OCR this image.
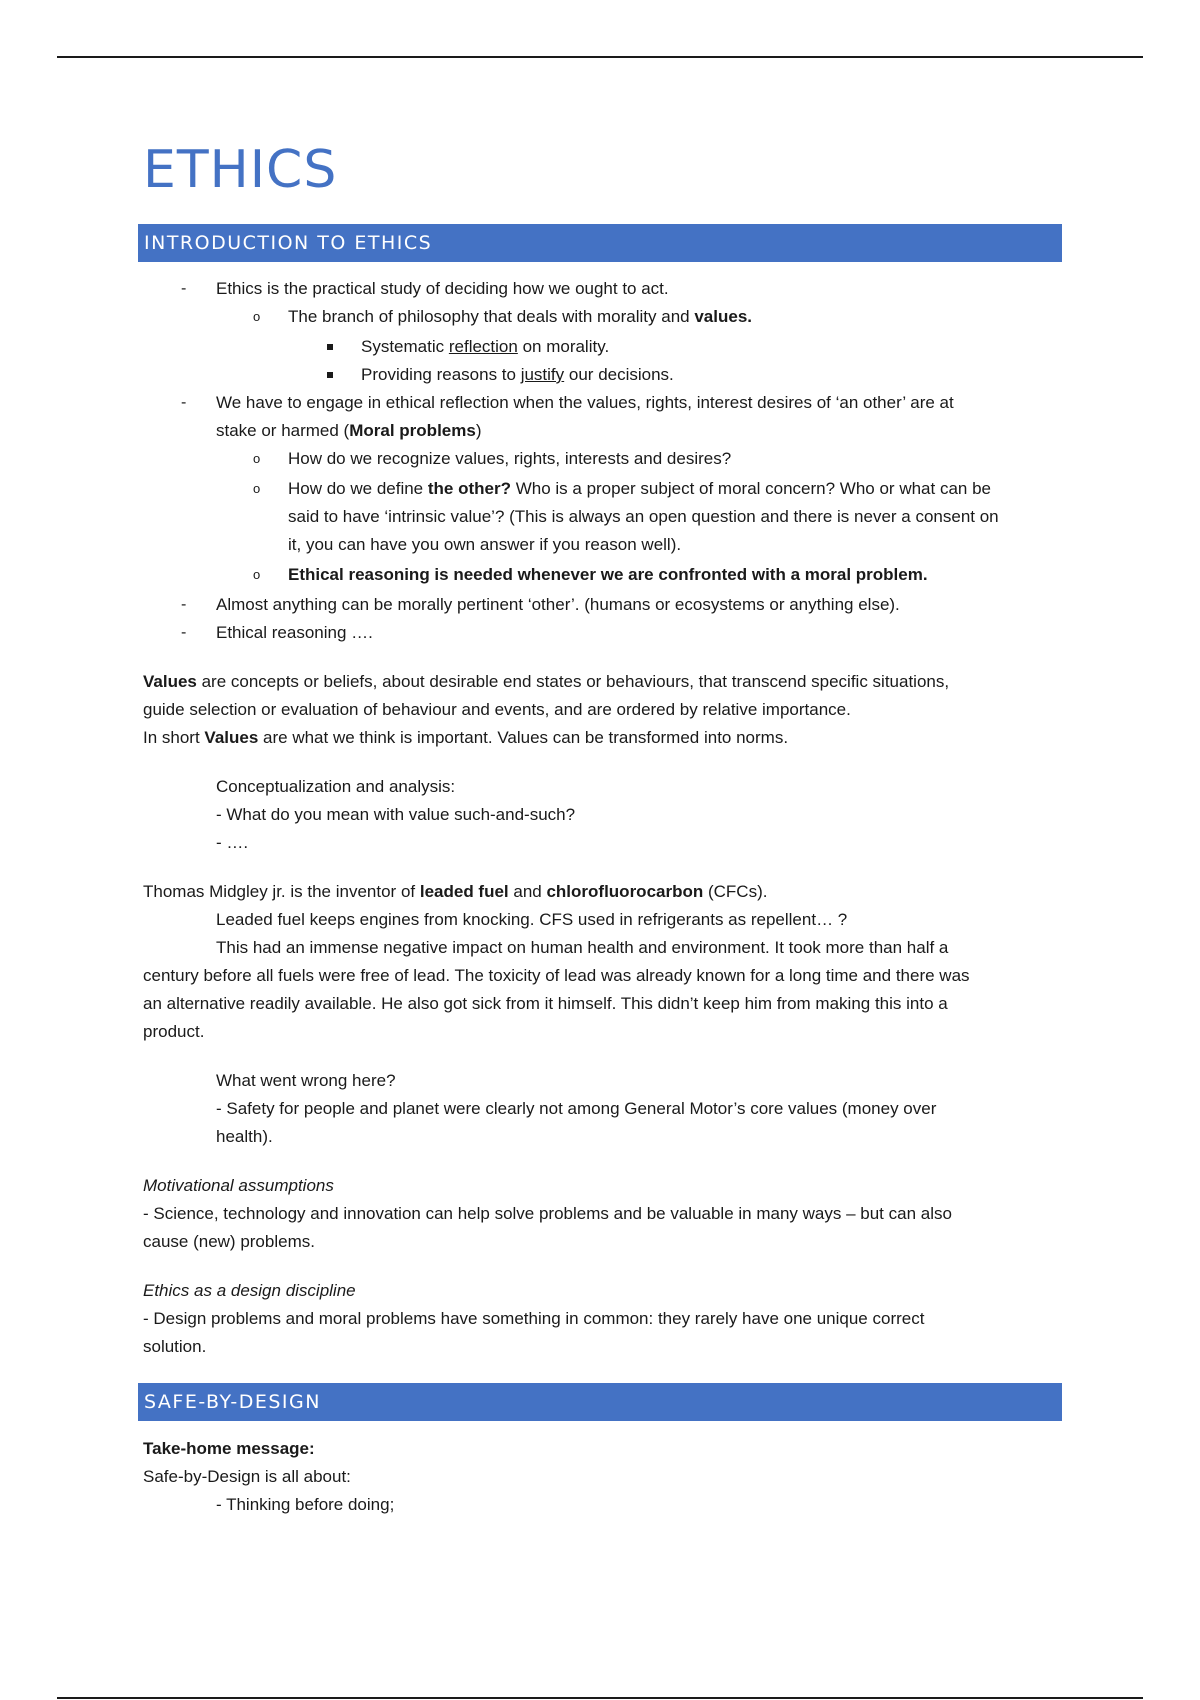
ETHICS
INTRODUCTION TO ETHICS
- Ethics is the practical study of deciding how we ought to act.
o The branch of philosophy that deals with morality and values.
Systematic reflection on morality.
Providing reasons to justify our decisions.
- We have to engage in ethical reflection when the values, rights, interest desires of ‘an other’ are at
stake or harmed (Moral problems)
o How do we recognize values, rights, interests and desires?
o How do we define the other? Who is a proper subject of moral concern? Who or what can be
said to have ‘intrinsic value’? (This is always an open question and there is never a consent on
it, you can have you own answer if you reason well).
o Ethical reasoning is needed whenever we are confronted with a moral problem.
- Almost anything can be morally pertinent ‘other’. (humans or ecosystems or anything else).
- Ethical reasoning ….
Values are concepts or beliefs, about desirable end states or behaviours, that transcend specific situations,
guide selection or evaluation of behaviour and events, and are ordered by relative importance.
In short Values are what we think is important. Values can be transformed into norms.
Conceptualization and analysis:
- What do you mean with value such-and-such?
- ….
Thomas Midgley jr. is the inventor of leaded fuel and chlorofluorocarbon (CFCs).
Leaded fuel keeps engines from knocking. CFS used in refrigerants as repellent… ?
This had an immense negative impact on human health and environment. It took more than half a
century before all fuels were free of lead. The toxicity of lead was already known for a long time and there was
an alternative readily available. He also got sick from it himself. This didn’t keep him from making this into a
product.
What went wrong here?
- Safety for people and planet were clearly not among General Motor’s core values (money over
health).
Motivational assumptions
- Science, technology and innovation can help solve problems and be valuable in many ways – but can also
cause (new) problems.
Ethics as a design discipline
- Design problems and moral problems have something in common: they rarely have one unique correct
solution.
SAFE-BY-DESIGN
Take-home message:
Safe-by-Design is all about:
- Thinking before doing;
